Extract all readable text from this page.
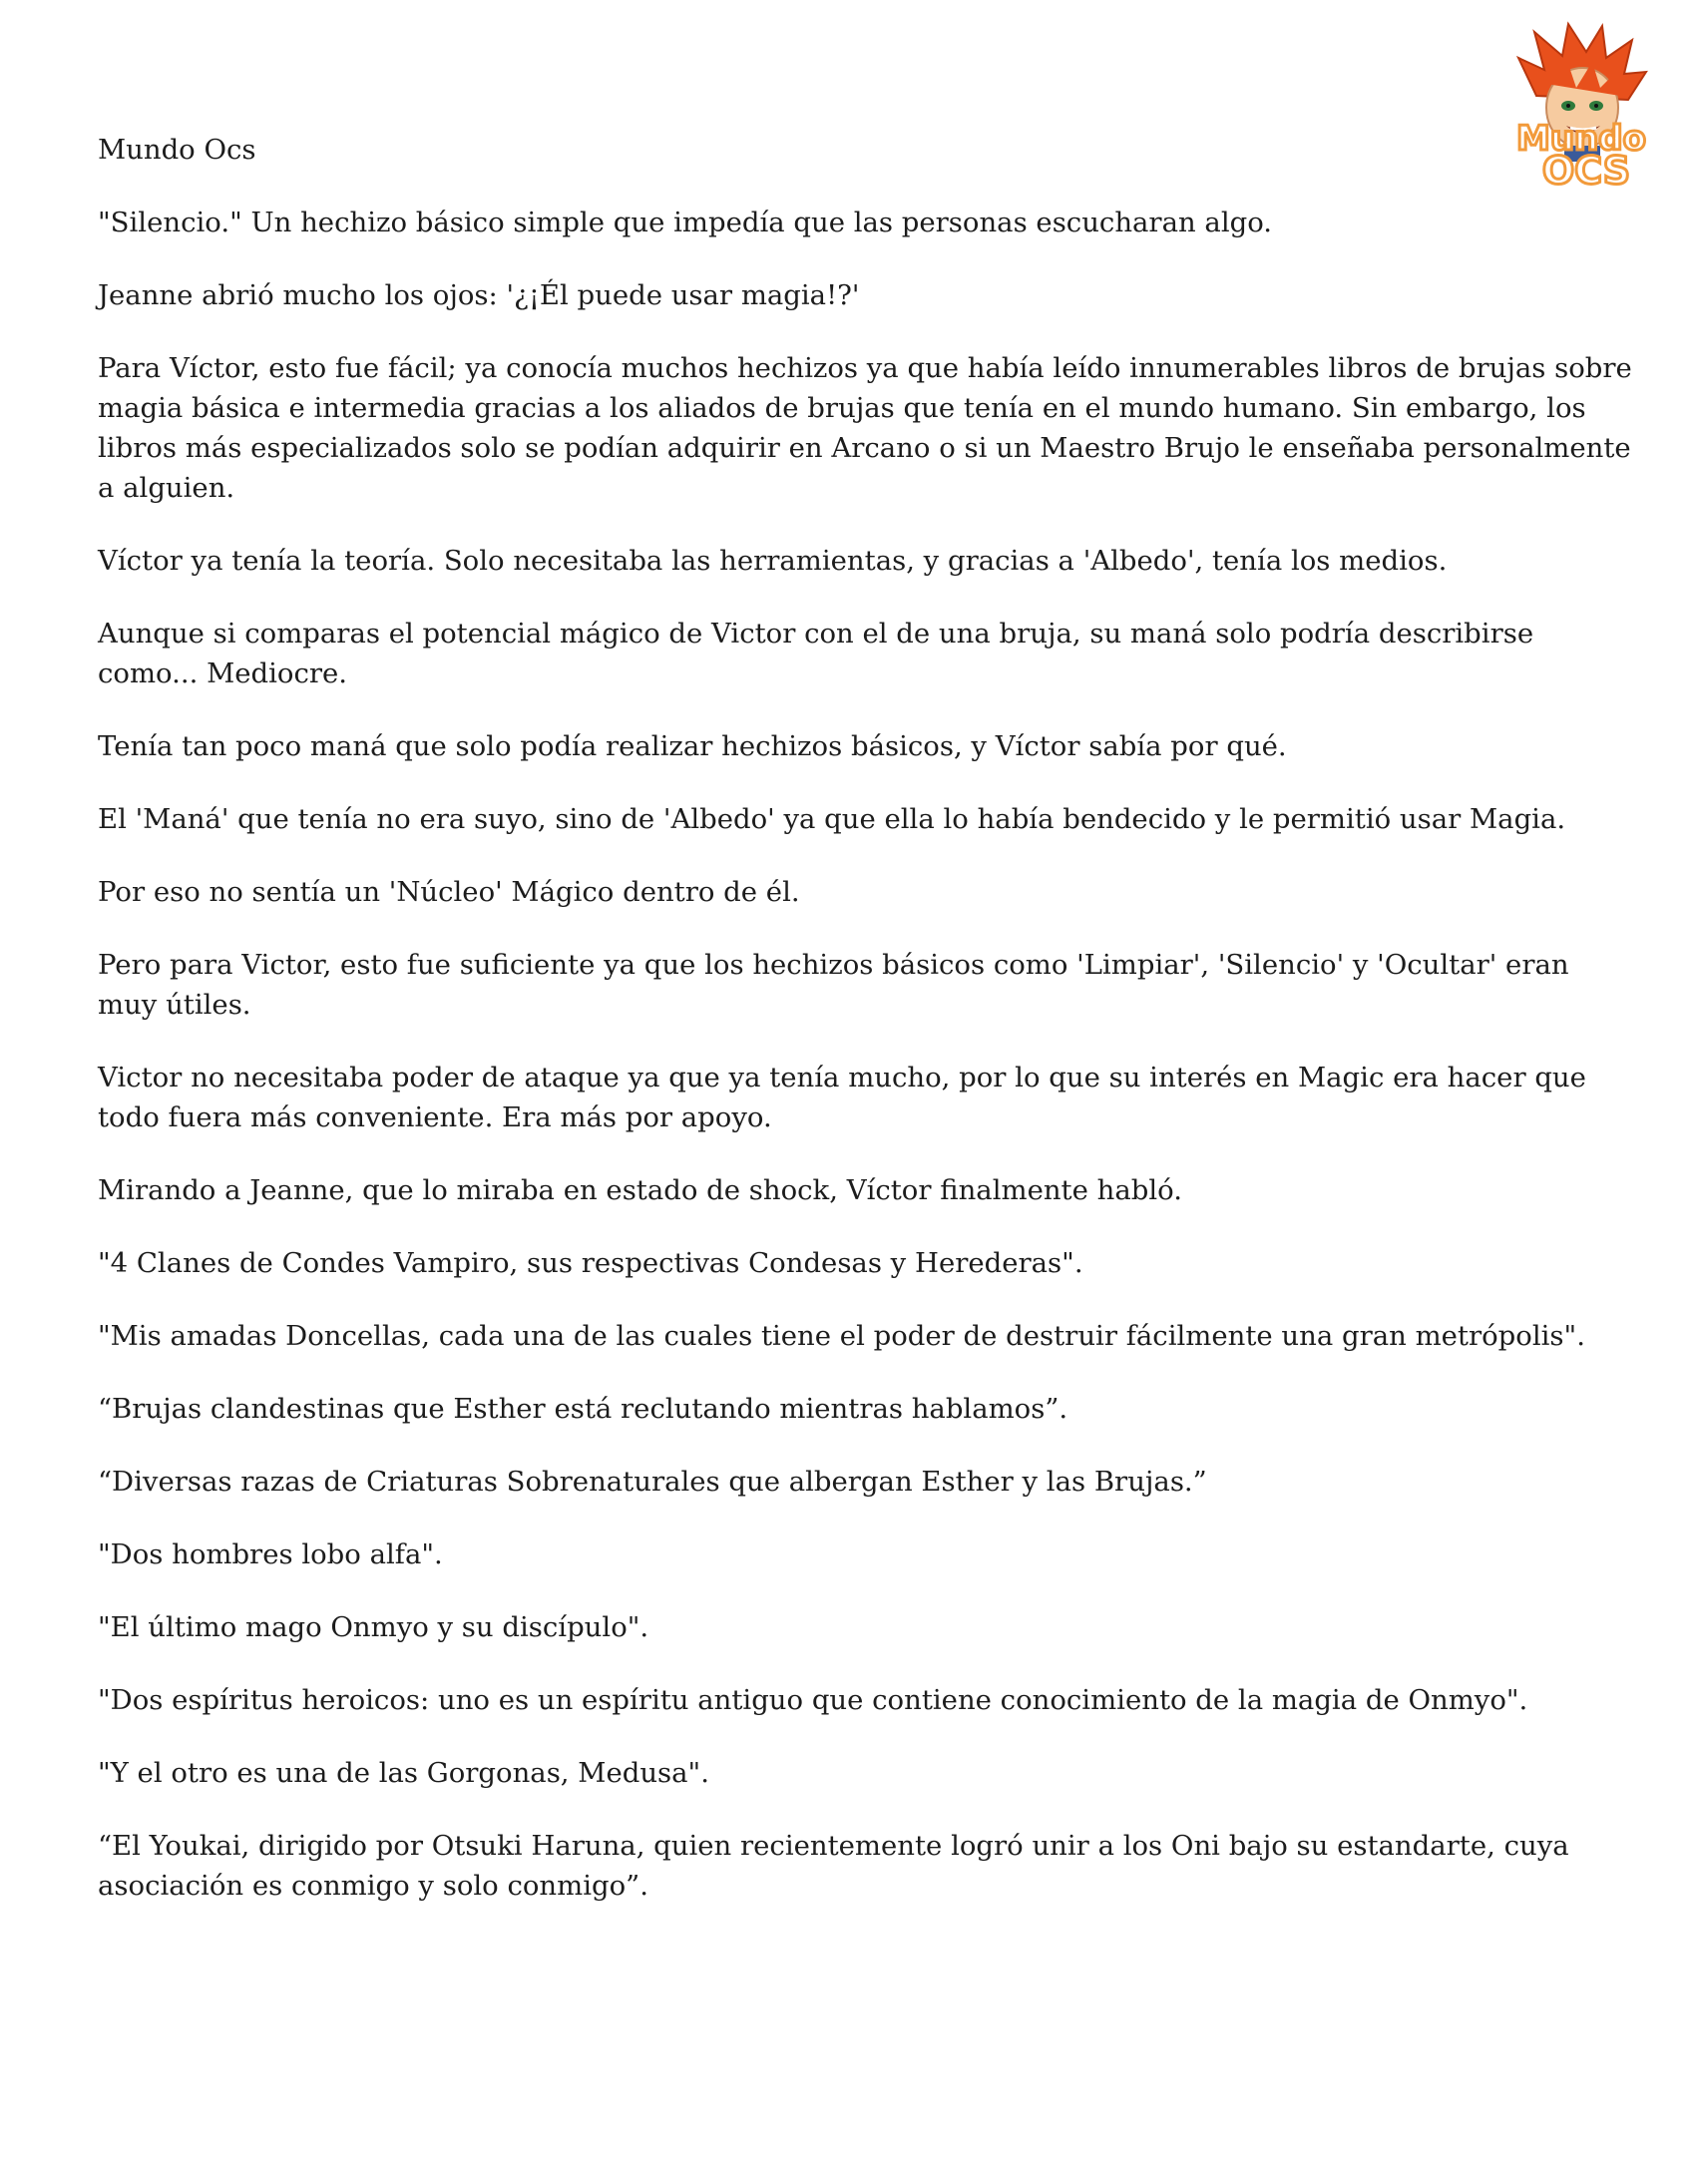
Mundo
OCS

Mundo Ocs

"Silencio." Un hechizo básico simple que impedía que las personas escucharan algo.

Jeanne abrió mucho los ojos: '¿¡Él puede usar magia!?'

Para Víctor, esto fue fácil; ya conocía muchos hechizos ya que había leído innumerables libros de brujas sobre magia básica e intermedia gracias a los aliados de brujas que tenía en el mundo humano. Sin embargo, los libros más especializados solo se podían adquirir en Arcano o si un Maestro Brujo le enseñaba personalmente a alguien.

Víctor ya tenía la teoría. Solo necesitaba las herramientas, y gracias a 'Albedo', tenía los medios.

Aunque si comparas el potencial mágico de Victor con el de una bruja, su maná solo podría describirse como... Mediocre.

Tenía tan poco maná que solo podía realizar hechizos básicos, y Víctor sabía por qué.

El 'Maná' que tenía no era suyo, sino de 'Albedo' ya que ella lo había bendecido y le permitió usar Magia.

Por eso no sentía un 'Núcleo' Mágico dentro de él.

Pero para Victor, esto fue suficiente ya que los hechizos básicos como 'Limpiar', 'Silencio' y 'Ocultar' eran muy útiles.

Victor no necesitaba poder de ataque ya que ya tenía mucho, por lo que su interés en Magic era hacer que todo fuera más conveniente. Era más por apoyo.

Mirando a Jeanne, que lo miraba en estado de shock, Víctor finalmente habló.

"4 Clanes de Condes Vampiro, sus respectivas Condesas y Herederas".

"Mis amadas Doncellas, cada una de las cuales tiene el poder de destruir fácilmente una gran metrópolis".

“Brujas clandestinas que Esther está reclutando mientras hablamos”.

“Diversas razas de Criaturas Sobrenaturales que albergan Esther y las Brujas.”

"Dos hombres lobo alfa".

"El último mago Onmyo y su discípulo".

"Dos espíritus heroicos: uno es un espíritu antiguo que contiene conocimiento de la magia de Onmyo".

"Y el otro es una de las Gorgonas, Medusa".

“El Youkai, dirigido por Otsuki Haruna, quien recientemente logró unir a los Oni bajo su estandarte, cuya asociación es conmigo y solo conmigo”.
